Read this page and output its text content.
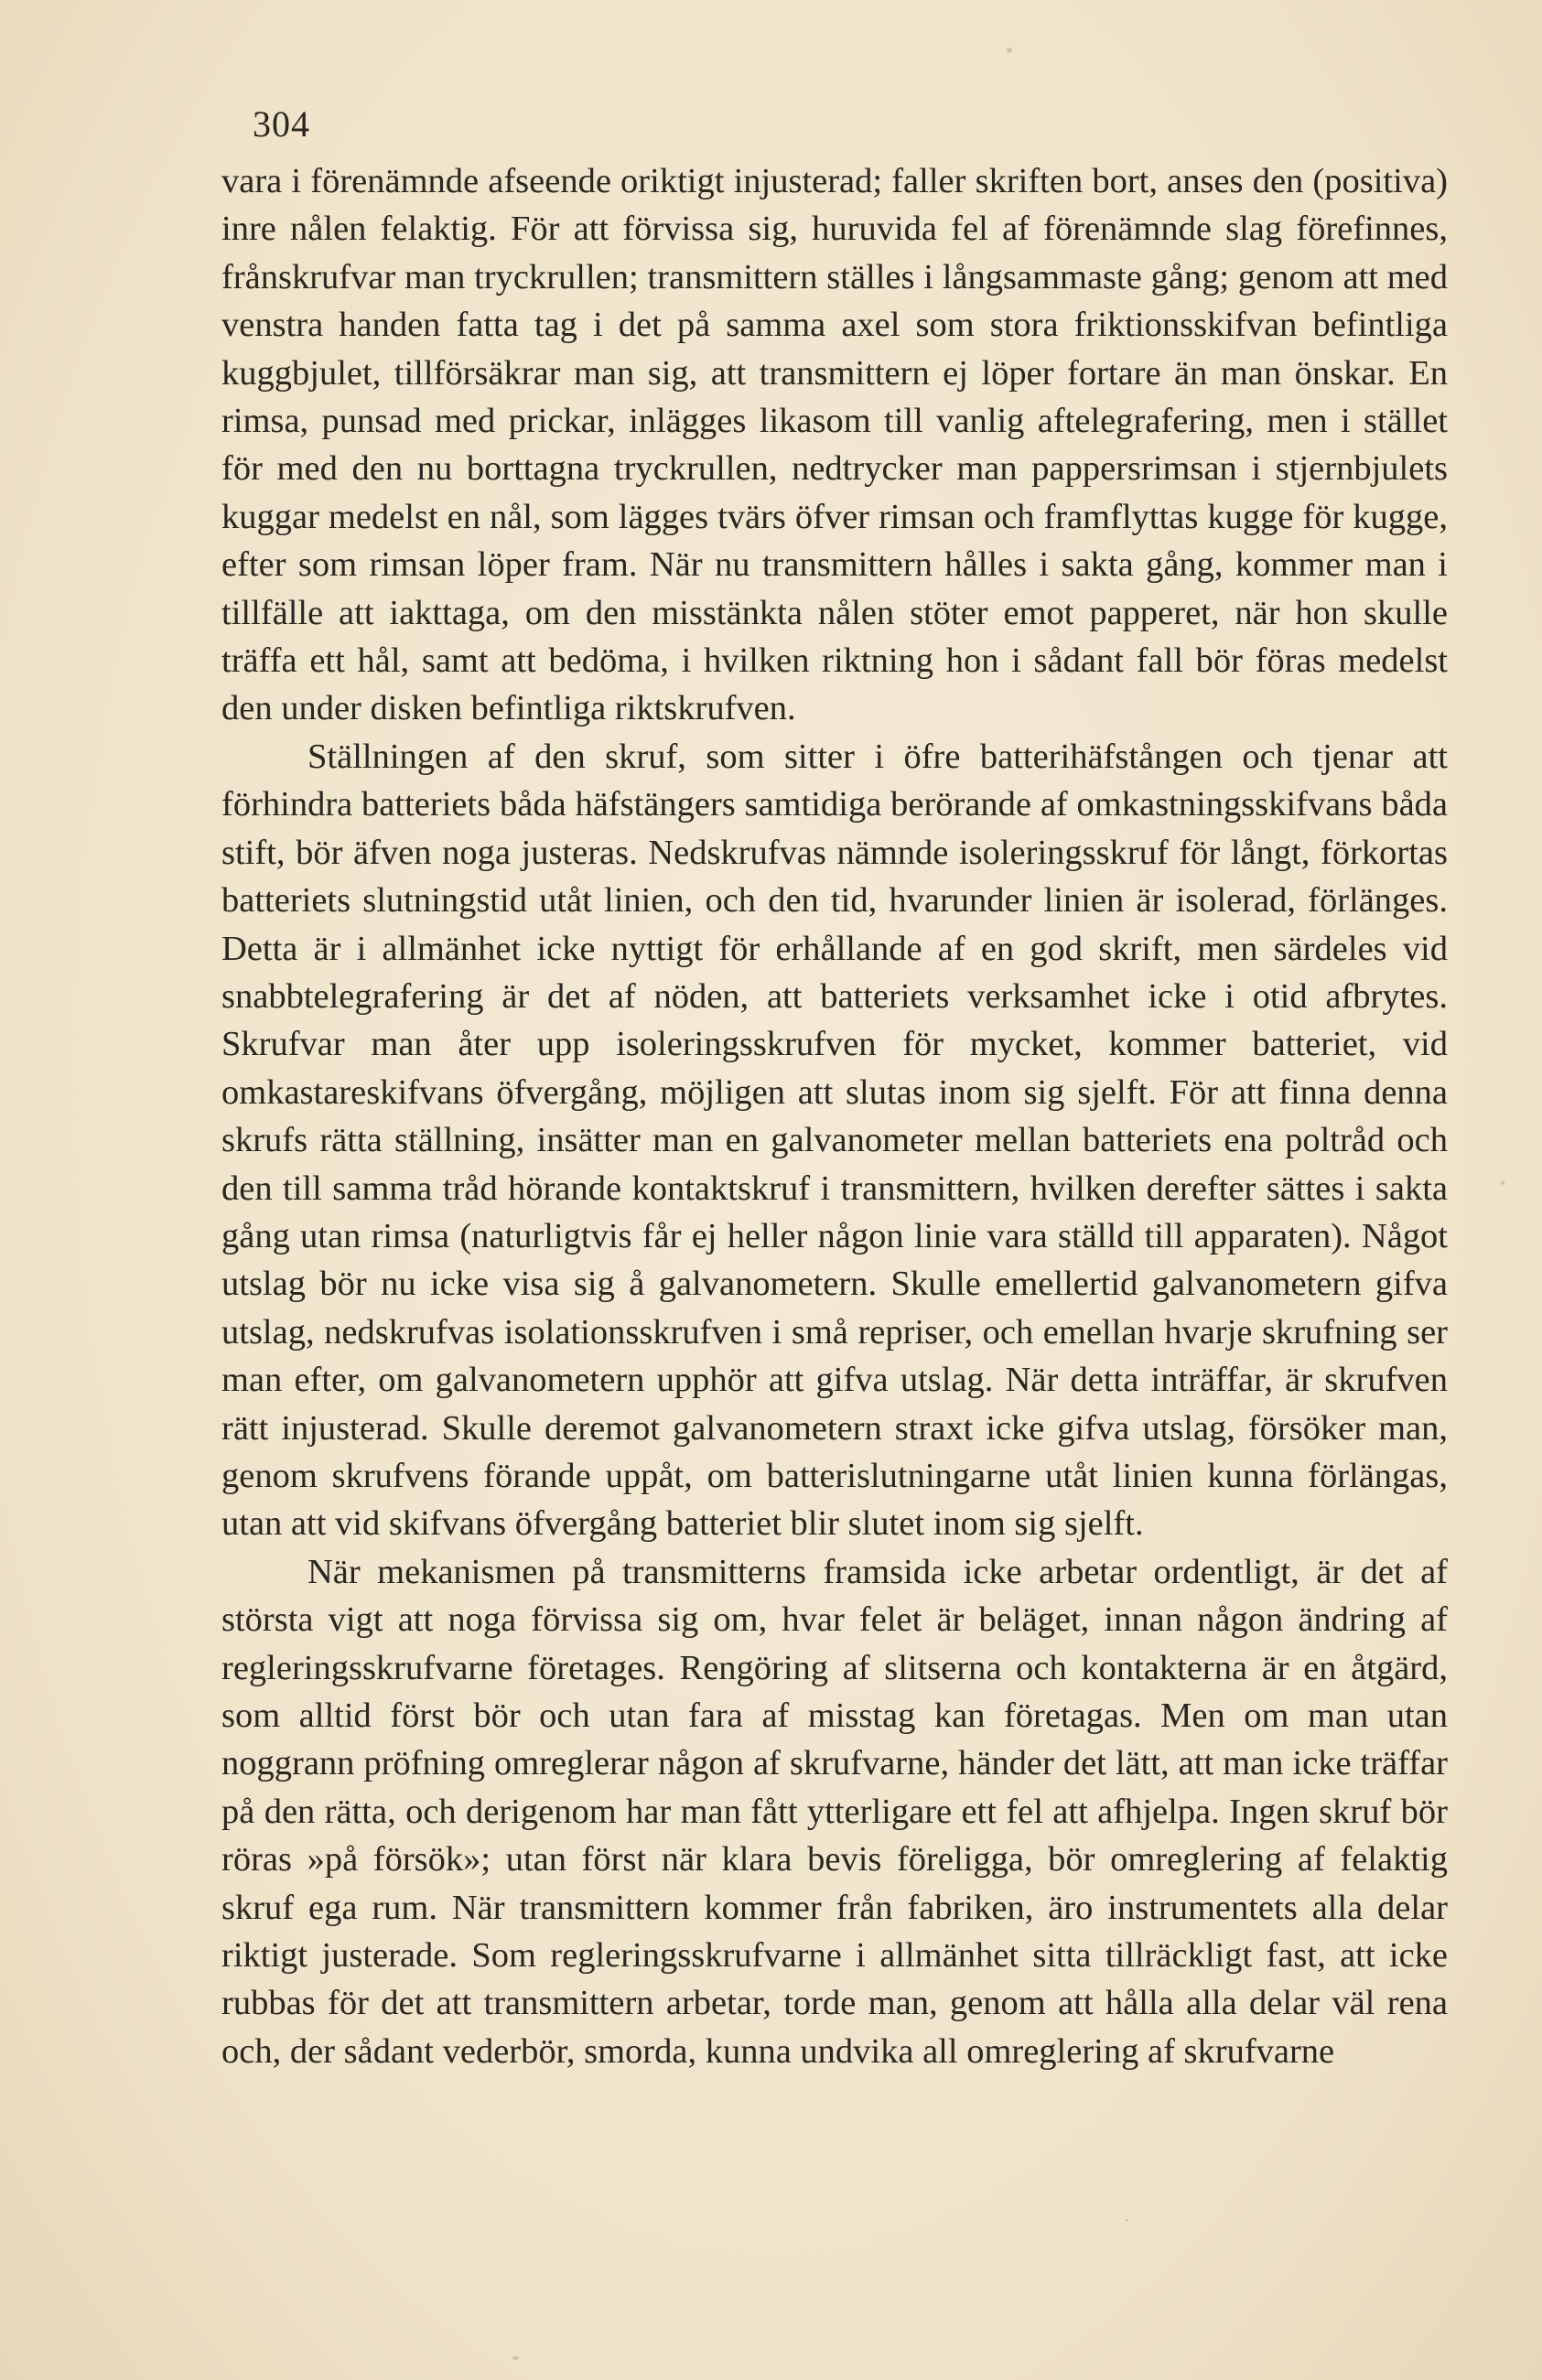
304

vara i förenämnde afseende oriktigt injusterad; faller skriften bort, anses den (positiva) inre nålen felaktig. För att förvissa sig, huruvida fel af förenämnde slag förefinnes, frånskrufvar man tryckrullen; transmittern ställes i långsammaste gång; genom att med venstra handen fatta tag i det på samma axel som stora friktionsskifvan befintliga kuggbjulet, tillförsäkrar man sig, att transmittern ej löper fortare än man önskar. En rimsa, punsad med prickar, inlägges likasom till vanlig aftelegrafering, men i stället för med den nu borttagna tryckrullen, nedtrycker man pappersrimsan i stjernbjulets kuggar medelst en nål, som lägges tvärs öfver rimsan och framflyttas kugge för kugge, efter som rimsan löper fram. När nu transmittern hålles i sakta gång, kommer man i tillfälle att iakttaga, om den misstänkta nålen stöter emot papperet, när hon skulle träffa ett hål, samt att bedöma, i hvilken riktning hon i sådant fall bör föras medelst den under disken befintliga riktskrufven.

Ställningen af den skruf, som sitter i öfre batterihäfstången och tjenar att förhindra batteriets båda häfstängers samtidiga berörande af omkastningsskifvans båda stift, bör äfven noga justeras. Nedskrufvas nämnde isoleringsskruf för långt, förkortas batteriets slutningstid utåt linien, och den tid, hvarunder linien är isolerad, förlänges. Detta är i allmänhet icke nyttigt för erhållande af en god skrift, men särdeles vid snabbtelegrafering är det af nöden, att batteriets verksamhet icke i otid afbrytes. Skrufvar man åter upp isoleringsskrufven för mycket, kommer batteriet, vid omkastareskifvans öfvergång, möjligen att slutas inom sig sjelft. För att finna denna skrufs rätta ställning, insätter man en galvanometer mellan batteriets ena poltråd och den till samma tråd hörande kontaktskruf i transmittern, hvilken derefter sättes i sakta gång utan rimsa (naturligtvis får ej heller någon linie vara ställd till apparaten). Något utslag bör nu icke visa sig å galvanometern. Skulle emellertid galvanometern gifva utslag, nedskrufvas isolationsskrufven i små repriser, och emellan hvarje skrufning ser man efter, om galvanometern upphör att gifva utslag. När detta inträffar, är skrufven rätt injusterad. Skulle deremot galvanometern straxt icke gifva utslag, försöker man, genom skrufvens förande uppåt, om batterislutningarne utåt linien kunna förlängas, utan att vid skifvans öfvergång batteriet blir slutet inom sig sjelft.

När mekanismen på transmitterns framsida icke arbetar ordentligt, är det af största vigt att noga förvissa sig om, hvar felet är beläget, innan någon ändring af regleringsskrufvarne företages. Rengöring af slitserna och kontakterna är en åtgärd, som alltid först bör och utan fara af misstag kan företagas. Men om man utan noggrann pröfning omreglerar någon af skrufvarne, händer det lätt, att man icke träffar på den rätta, och derigenom har man fått ytterligare ett fel att afhjelpa. Ingen skruf bör röras »på försök»; utan först när klara bevis föreligga, bör omreglering af felaktig skruf ega rum. När transmittern kommer från fabriken, äro instrumentets alla delar riktigt justerade. Som regleringsskrufvarne i allmänhet sitta tillräckligt fast, att icke rubbas för det att transmittern arbetar, torde man, genom att hålla alla delar väl rena och, der sådant vederbör, smorda, kunna undvika all omreglering af skrufvarne
